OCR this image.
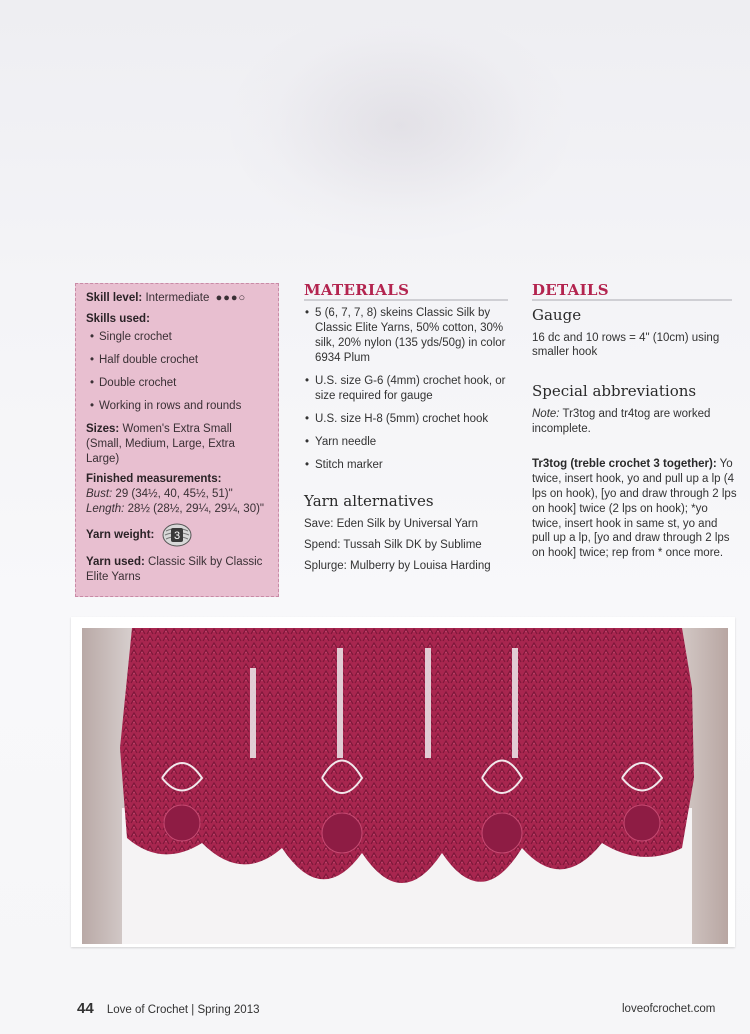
Skill level: Intermediate ●●●○
Skills used:
• Single crochet
• Half double crochet
• Double crochet
• Working in rows and rounds
Sizes: Women's Extra Small (Small, Medium, Large, Extra Large)
Finished measurements:
Bust: 29 (34½, 40, 45½, 51)"
Length: 28½ (28½, 29¼, 29¼, 30)"
Yarn weight: 3
Yarn used: Classic Silk by Classic Elite Yarns
MATERIALS
• 5 (6, 7, 7, 8) skeins Classic Silk by Classic Elite Yarns, 50% cotton, 30% silk, 20% nylon (135 yds/50g) in color 6934 Plum
• U.S. size G-6 (4mm) crochet hook, or size required for gauge
• U.S. size H-8 (5mm) crochet hook
• Yarn needle
• Stitch marker
Yarn alternatives
Save: Eden Silk by Universal Yarn
Spend: Tussah Silk DK by Sublime
Splurge: Mulberry by Louisa Harding
DETAILS
Gauge

16 dc and 10 rows = 4" (10cm) using smaller hook

Special abbreviations

Note: Tr3tog and tr4tog are worked incomplete.

Tr3tog (treble crochet 3 together): Yo twice, insert hook, yo and pull up a lp (4 lps on hook), [yo and draw through 2 lps on hook] twice (2 lps on hook); *yo twice, insert hook in same st, yo and pull up a lp, [yo and draw through 2 lps on hook] twice; rep from * once more.

44 Love of Crochet | Spring 2013	loveofcrochet.com
